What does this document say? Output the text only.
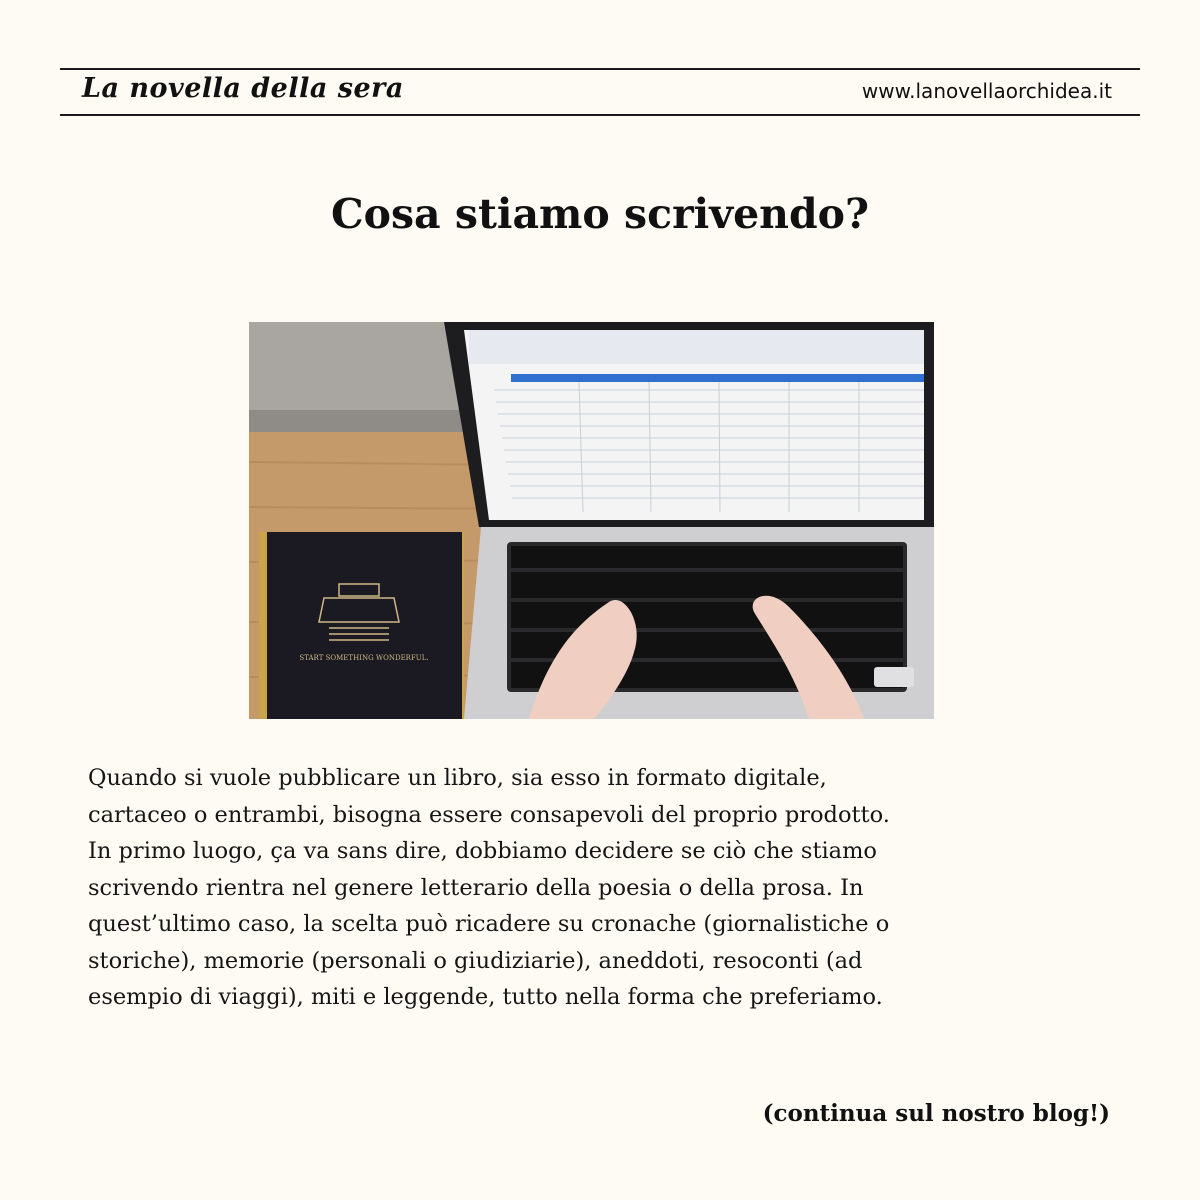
La novella della sera	www.lanovellaorchidea.it
Cosa stiamo scrivendo?
START SOMETHING WONDERFUL.

Quando si vuole pubblicare un libro, sia esso in formato digitale,
cartaceo o entrambi, bisogna essere consapevoli del proprio prodotto.
In primo luogo, ça va sans dire, dobbiamo decidere se ciò che stiamo
scrivendo rientra nel genere letterario della poesia o della prosa. In
quest’ultimo caso, la scelta può ricadere su cronache (giornalistiche o
storiche), memorie (personali o giudiziarie), aneddoti, resoconti (ad
esempio di viaggi), miti e leggende, tutto nella forma che preferiamo.

(continua sul nostro blog!)
